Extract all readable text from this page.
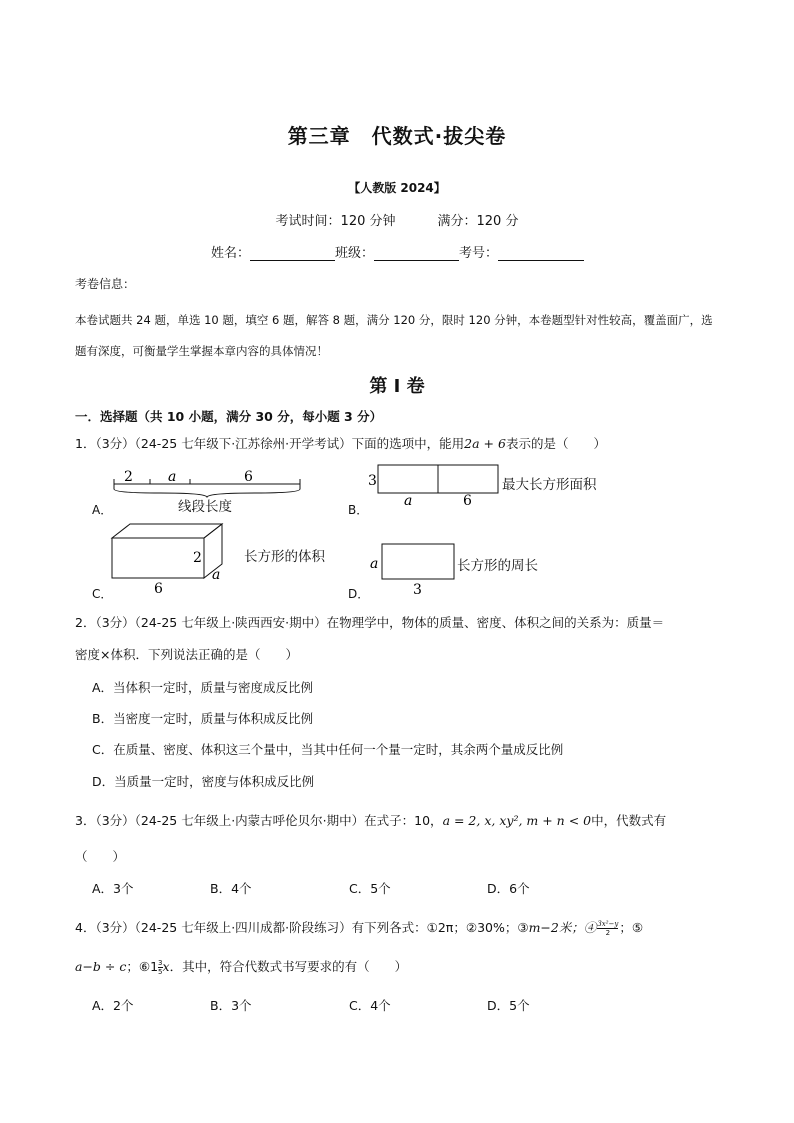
第三章　代数式·拔尖卷
【人教版 2024】
考试时间：120 分钟	满分：120 分
姓名：	班级：	考号：
考卷信息：
本卷试题共 24 题，单选 10 题，填空 6 题，解答 8 题，满分 120 分，限时 120 分钟，本卷题型针对性较高，覆盖面广，选题有深度，可衡量学生掌握本章内容的具体情况！
第 I 卷
一．选择题（共 10 小题，满分 30 分，每小题 3 分）
1．（3分）（24-25 七年级下·江苏徐州·开学考试）下面的选项中，能用2a + 6表示的是（　　）
A．
2	a	6
线段长度	B．
3
a	6
最大长方形面积
C．
2
a
6
长方形的体积
D．
a
3
长方形的周长
2．（3分）（24-25 七年级上·陕西西安·期中）在物理学中，物体的质量、密度、体积之间的关系为：质量＝
密度×体积．下列说法正确的是（　　）
A．当体积一定时，质量与密度成反比例
B．当密度一定时，质量与体积成反比例
C．在质量、密度、体积这三个量中，当其中任何一个量一定时，其余两个量成反比例
D．当质量一定时，密度与体积成反比例
3．（3分）（24-25 七年级上·内蒙古呼伦贝尔·期中）在式子：10，a = 2, x, xy², m + n < 0中，代数式有
（　　）
A．3个	B．4个	C．5个	D．6个
4．（3分）（24-25 七年级上·四川成都·阶段练习）有下列各式：①2π；②30%；③m−2米；④ $\frac{\text{3x²−y}}{2}$ ；⑤
a−b ÷ c；⑥1 $\frac{3}{5}$ x．其中，符合代数式书写要求的有（　　）
A．2个	B．3个	C．4个	D．5个
